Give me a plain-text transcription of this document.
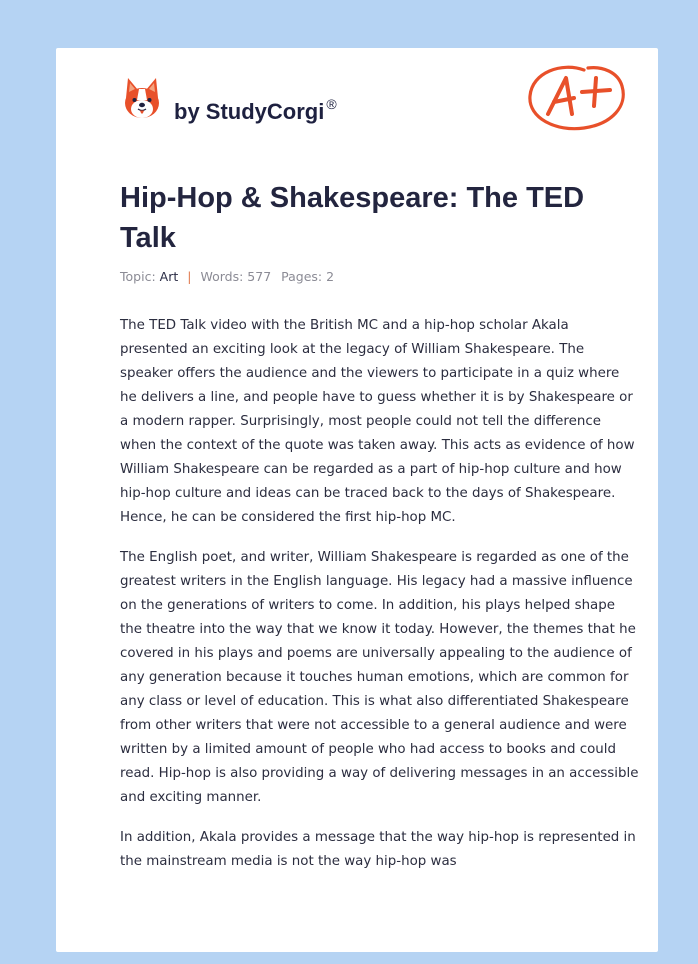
by StudyCorgi ®
Hip-Hop & Shakespeare: The TED Talk
Topic: Art | Words: 577 Pages: 2

The TED Talk video with the British MC and a hip-hop scholar Akala presented an exciting look at the legacy of William Shakespeare. The speaker offers the audience and the viewers to participate in a quiz where he delivers a line, and people have to guess whether it is by Shakespeare or a modern rapper. Surprisingly, most people could not tell the difference when the context of the quote was taken away. This acts as evidence of how William Shakespeare can be regarded as a part of hip-hop culture and how hip-hop culture and ideas can be traced back to the days of Shakespeare. Hence, he can be considered the first hip-hop MC.

The English poet, and writer, William Shakespeare is regarded as one of the greatest writers in the English language. His legacy had a massive influence on the generations of writers to come. In addition, his plays helped shape the theatre into the way that we know it today. However, the themes that he covered in his plays and poems are universally appealing to the audience of any generation because it touches human emotions, which are common for any class or level of education. This is what also differentiated Shakespeare from other writers that were not accessible to a general audience and were written by a limited amount of people who had access to books and could read. Hip-hop is also providing a way of delivering messages in an accessible and exciting manner.

In addition, Akala provides a message that the way hip-hop is represented in the mainstream media is not the way hip-hop was
